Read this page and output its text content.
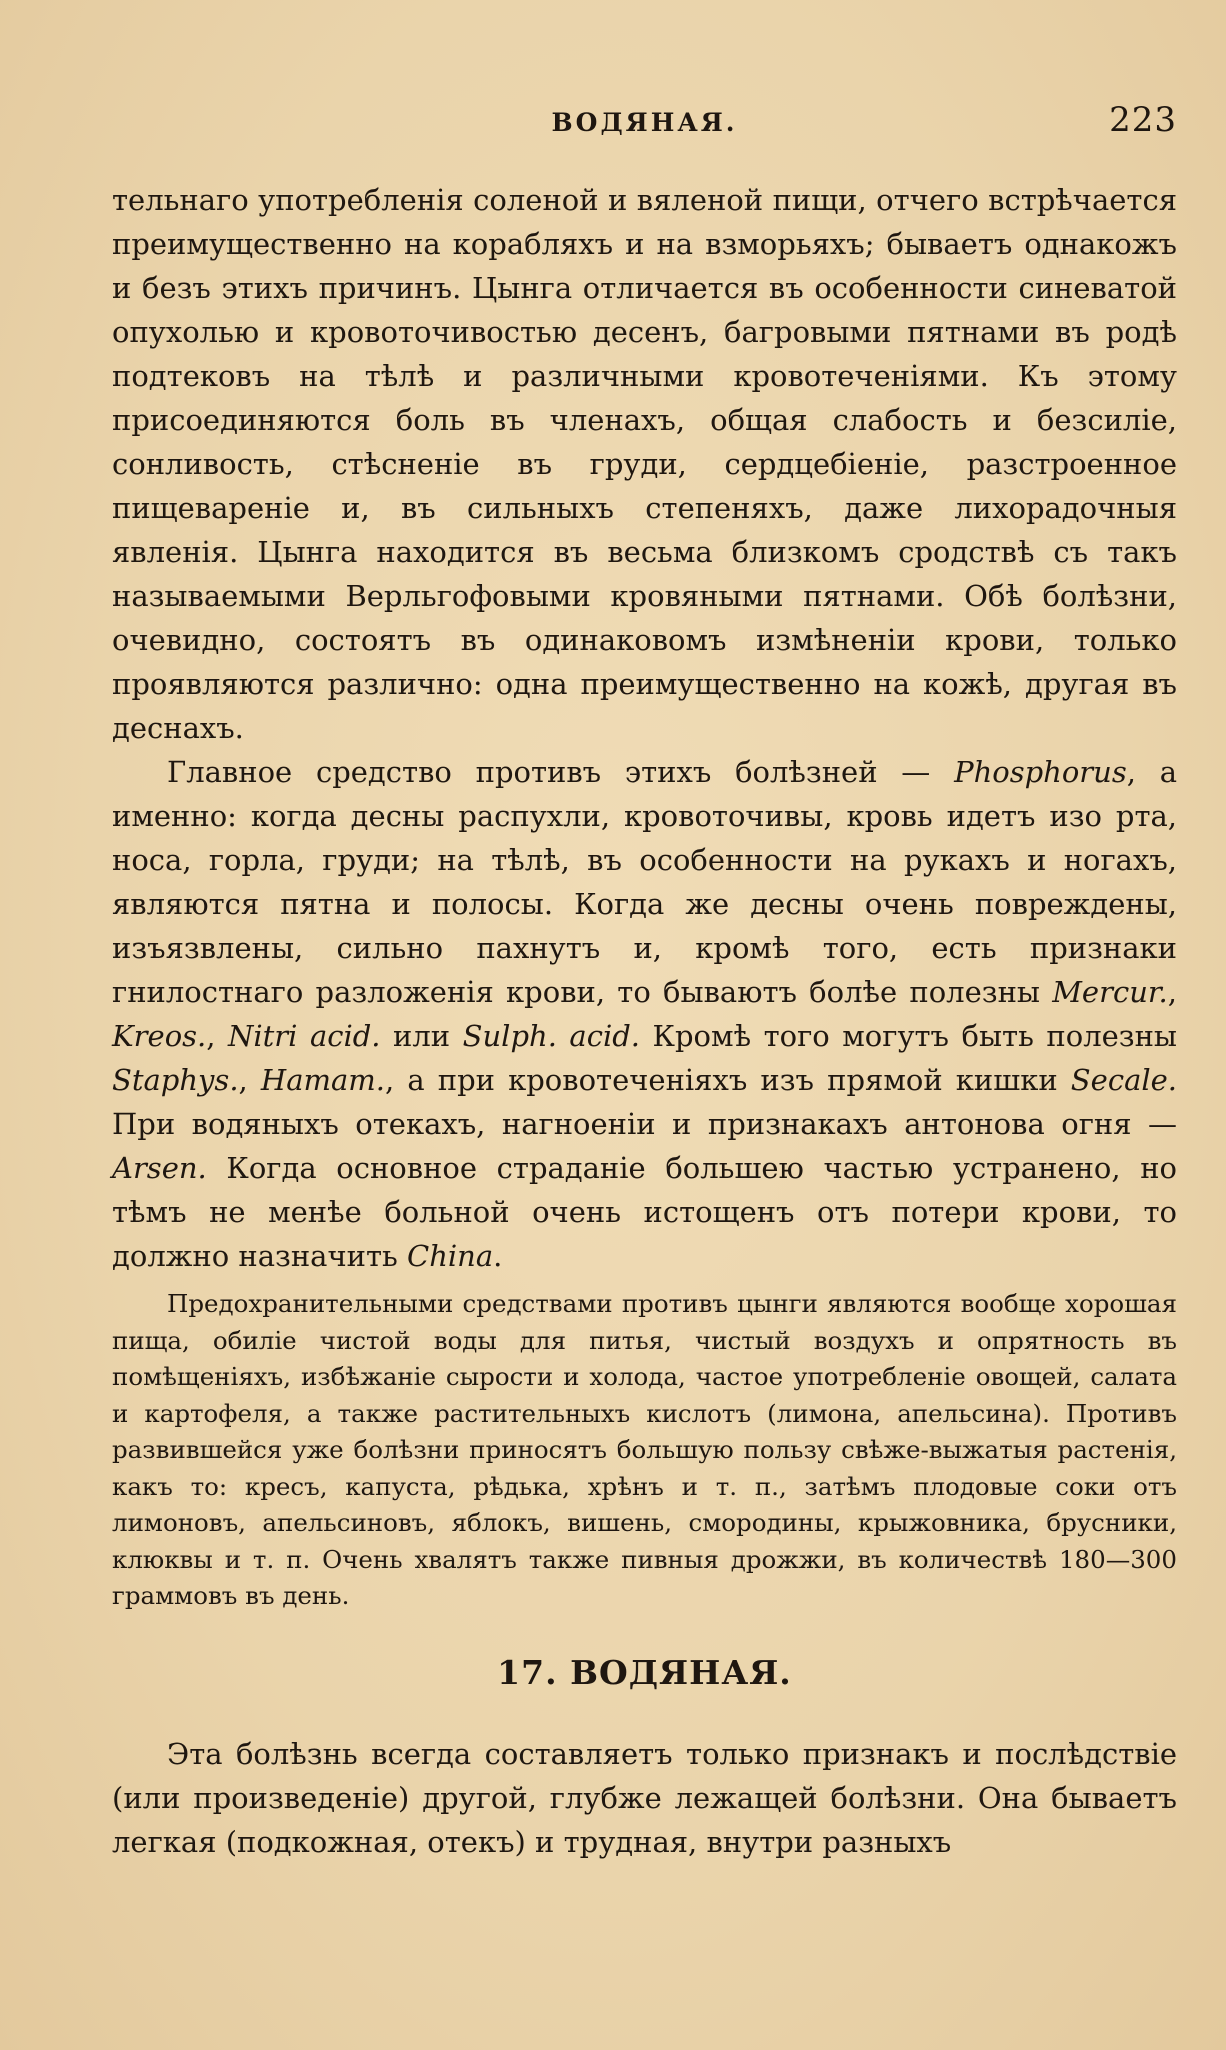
ВОДЯНАЯ.	223

тельнаго употребленія соленой и вяленой пищи, отчего встрѣчается преимущественно на корабляхъ и на взморьяхъ; бываетъ однакожъ и безъ этихъ причинъ. Цынга отличается въ особенности синеватой опухолью и кровоточивостью десенъ, багровыми пятнами въ родѣ подтековъ на тѣлѣ и различными кровотеченіями. Къ этому присоединяются боль въ членахъ, общая слабость и безсиліе, сонливость, стѣсненіе въ груди, сердцебіеніе, разстроенное пищевареніе и, въ сильныхъ степеняхъ, даже лихорадочныя явленія. Цынга находится въ весьма близкомъ сродствѣ съ такъ называемыми Верльгофовыми кровяными пятнами. Обѣ болѣзни, очевидно, состоятъ въ одинаковомъ измѣненіи крови, только проявляются различно: одна преимущественно на кожѣ, другая въ деснахъ.

Главное средство противъ этихъ болѣзней — Phosphorus, а именно: когда десны распухли, кровоточивы, кровь идетъ изо рта, носа, горла, груди; на тѣлѣ, въ особенности на рукахъ и ногахъ, являются пятна и полосы. Когда же десны очень повреждены, изъязвлены, сильно пахнутъ и, кромѣ того, есть признаки гнилостнаго разложенія крови, то бываютъ болѣе полезны Mercur., Kreos., Nitri acid. или Sulph. acid. Кромѣ того могутъ быть полезны Staphys., Hamam., а при кровотеченіяхъ изъ прямой кишки Secale. При водяныхъ отекахъ, нагноеніи и признакахъ антонова огня — Arsen. Когда основное страданіе большею частью устранено, но тѣмъ не менѣе больной очень истощенъ отъ потери крови, то должно назначить China.

Предохранительными средствами противъ цынги являются вообще хорошая пища, обиліе чистой воды для питья, чистый воздухъ и опрятность въ помѣщеніяхъ, избѣжаніе сырости и холода, частое употребленіе овощей, салата и картофеля, а также растительныхъ кислотъ (лимона, апельсина). Противъ развившейся уже болѣзни приносятъ большую пользу свѣже-выжатыя растенія, какъ то: кресъ, капуста, рѣдька, хрѣнъ и т. п., затѣмъ плодовые соки отъ лимоновъ, апельсиновъ, яблокъ, вишень, смородины, крыжовника, брусники, клюквы и т. п. Очень хвалятъ также пивныя дрожжи, въ количествѣ 180—300 граммовъ въ день.

17. ВОДЯНАЯ.

Эта болѣзнь всегда составляетъ только признакъ и послѣдствіе (или произведеніе) другой, глубже лежащей болѣзни. Она бываетъ легкая (подкожная, отекъ) и трудная, внутри разныхъ
